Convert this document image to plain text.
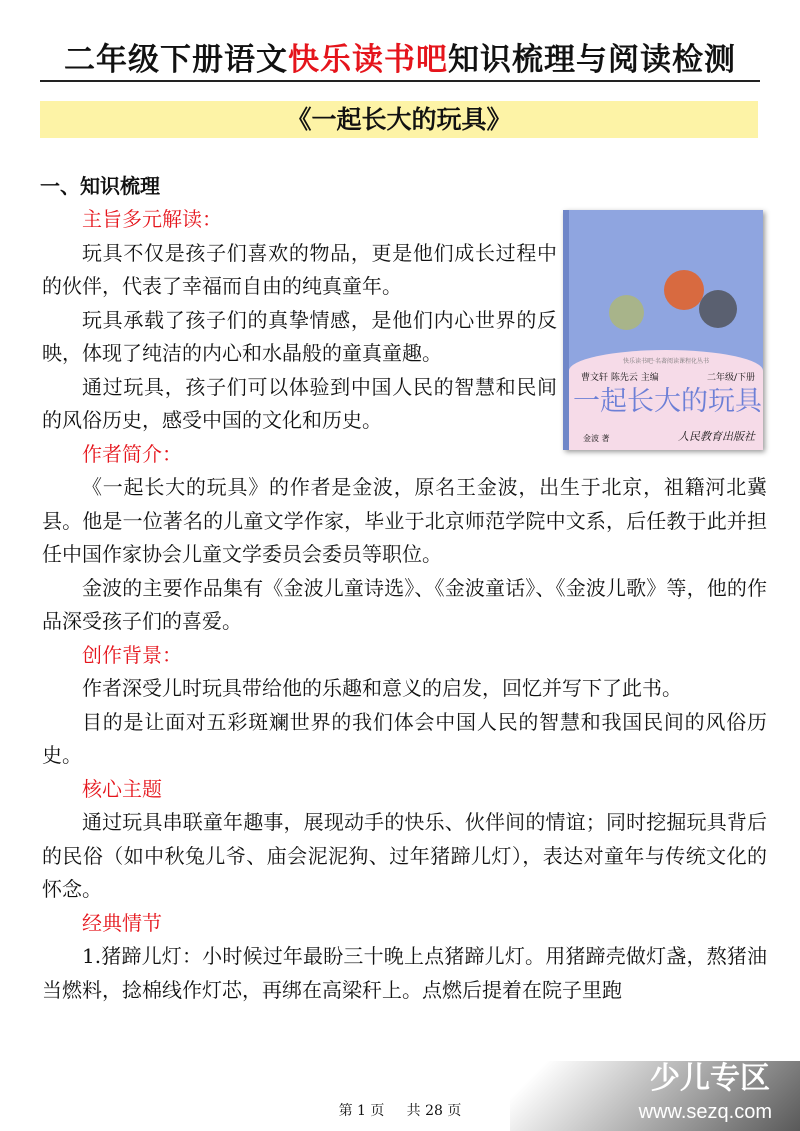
二年级下册语文快乐读书吧知识梳理与阅读检测
《一起长大的玩具》
一、知识梳理
快乐读书吧·名著阅读课程化丛书
曹文轩 陈先云 主编	二年级/下册
一起长大的玩具
金波 著	人民教育出版社

主旨多元解读：

玩具不仅是孩子们喜欢的物品，更是他们成长过程中的伙伴，代表了幸福而自由的纯真童年。

玩具承载了孩子们的真挚情感，是他们内心世界的反映，体现了纯洁的内心和水晶般的童真童趣。

通过玩具，孩子们可以体验到中国人民的智慧和民间的风俗历史，感受中国的文化和历史。

作者简介：

《一起长大的玩具》的作者是金波，原名王金波，出生于北京，祖籍河北冀县。他是一位著名的儿童文学作家，毕业于北京师范学院中文系，后任教于此并担任中国作家协会儿童文学委员会委员等职位。

金波的主要作品集有《金波儿童诗选》、《金波童话》、《金波儿歌》等，他的作品深受孩子们的喜爱。

创作背景：

作者深受儿时玩具带给他的乐趣和意义的启发，回忆并写下了此书。

目的是让面对五彩斑斓世界的我们体会中国人民的智慧和我国民间的风俗历史。

核心主题

通过玩具串联童年趣事，展现动手的快乐、伙伴间的情谊；同时挖掘玩具背后的民俗（如中秋兔儿爷、庙会泥泥狗、过年猪蹄儿灯），表达对童年与传统文化的怀念。

经典情节

1.猪蹄儿灯：小时候过年最盼三十晚上点猪蹄儿灯。用猪蹄壳做灯盏，熬猪油当燃料，捻棉线作灯芯，再绑在高梁秆上。点燃后提着在院子里跑

第 1 页 共 28 页
少儿专区
www.sezq.com
